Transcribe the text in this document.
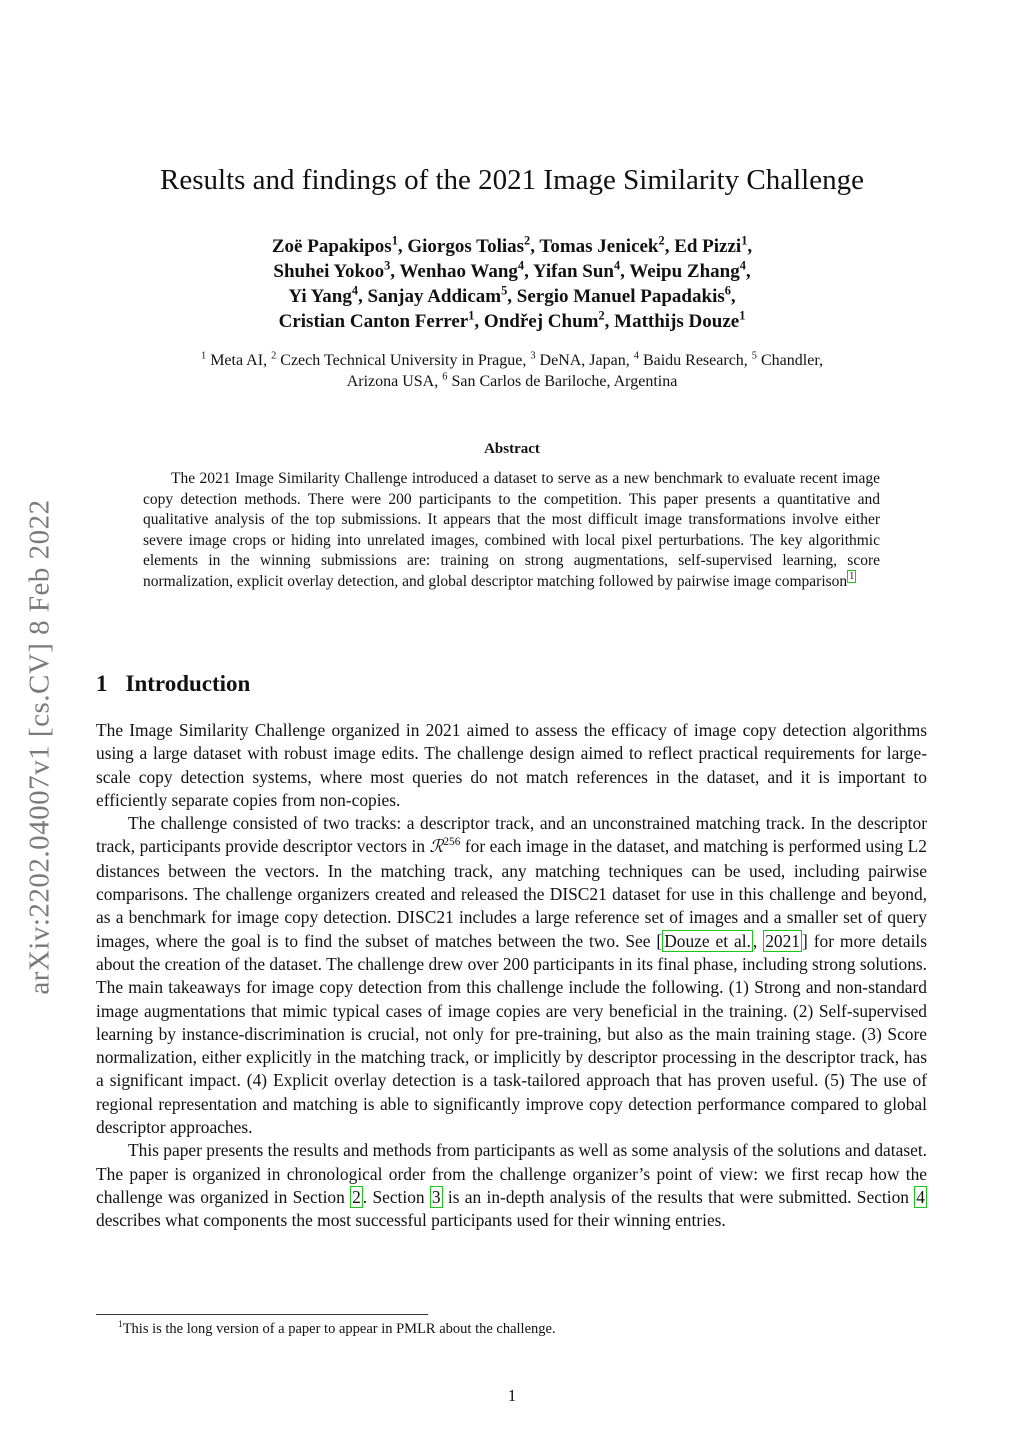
arXiv:2202.04007v1 [cs.CV] 8 Feb 2022
Results and findings of the 2021 Image Similarity Challenge
Zoë Papakipos$^1$, Giorgos Tolias$^2$, Tomas Jenicek$^2$, Ed Pizzi$^1$,
Shuhei Yokoo$^3$, Wenhao Wang$^4$, Yifan Sun$^4$, Weipu Zhang$^4$,
Yi Yang$^4$, Sanjay Addicam$^5$, Sergio Manuel Papadakis$^6$,
Cristian Canton Ferrer$^1$, Ondřej Chum$^2$, Matthijs Douze$^1$
$^1$ Meta AI, $^2$ Czech Technical University in Prague, $^3$ DeNA, Japan, $^4$ Baidu Research, $^5$ Chandler, Arizona USA, $^6$ San Carlos de Bariloche, Argentina
Abstract

The 2021 Image Similarity Challenge introduced a dataset to serve as a new benchmark to evaluate recent image copy detection methods. There were 200 participants to the competition. This paper presents a quantitative and qualitative analysis of the top submissions. It appears that the most difficult image transformations involve either severe image crops or hiding into unrelated images, combined with local pixel perturbations. The key algorithmic elements in the winning submissions are: training on strong augmentations, self-supervised learning, score normalization, explicit overlay detection, and global descriptor matching followed by pairwise image comparison $^1$

1 Introduction

The Image Similarity Challenge organized in 2021 aimed to assess the efficacy of image copy detection algorithms using a large dataset with robust image edits. The challenge design aimed to reflect practical requirements for large-scale copy detection systems, where most queries do not match references in the dataset, and it is important to efficiently separate copies from non-copies.

The challenge consisted of two tracks: a descriptor track, and an unconstrained matching track. In the descriptor track, participants provide descriptor vectors in ℛ$^{256}$ for each image in the dataset, and matching is performed using L2 distances between the vectors. In the matching track, any matching techniques can be used, including pairwise comparisons. The challenge organizers created and released the DISC21 dataset for use in this challenge and beyond, as a benchmark for image copy detection. DISC21 includes a large reference set of images and a smaller set of query images, where the goal is to find the subset of matches between the two. See [ Douze et al. , 2021 ] for more details about the creation of the dataset. The challenge drew over 200 participants in its final phase, including strong solutions. The main takeaways for image copy detection from this challenge include the following. (1) Strong and non-standard image augmentations that mimic typical cases of image copies are very beneficial in the training. (2) Self-supervised learning by instance-discrimination is crucial, not only for pre-training, but also as the main training stage. (3) Score normalization, either explicitly in the matching track, or implicitly by descriptor processing in the descriptor track, has a significant impact. (4) Explicit overlay detection is a task-tailored approach that has proven useful. (5) The use of regional representation and matching is able to significantly improve copy detection performance compared to global descriptor approaches.

This paper presents the results and methods from participants as well as some analysis of the solutions and dataset. The paper is organized in chronological order from the challenge organizer’s point of view: we first recap how the challenge was organized in Section 2 . Section 3 is an in-depth analysis of the results that were submitted. Section 4 describes what components the most successful participants used for their winning entries.

$^1$This is the long version of a paper to appear in PMLR about the challenge.
1
